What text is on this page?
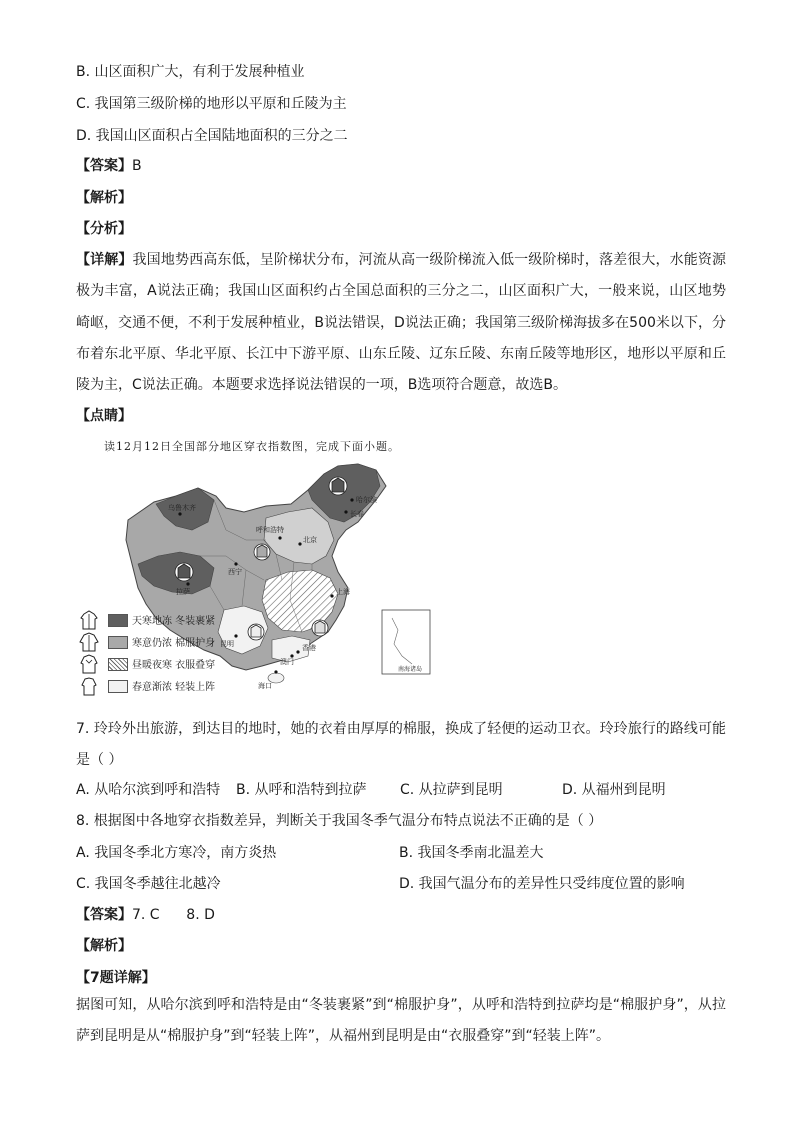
B. 山区面积广大，有利于发展种植业
C. 我国第三级阶梯的地形以平原和丘陵为主
D. 我国山区面积占全国陆地面积的三分之二
【答案】B
【解析】
【分析】
【详解】我国地势西高东低，呈阶梯状分布，河流从高一级阶梯流入低一级阶梯时，落差很大，水能资源极为丰富，A说法正确；我国山区面积约占全国总面积的三分之二，山区面积广大，一般来说，山区地势崎岖，交通不便，不利于发展种植业，B说法错误，D说法正确；我国第三级阶梯海拔多在500米以下，分布着东北平原、华北平原、长江中下游平原、山东丘陵、辽东丘陵、东南丘陵等地形区，地形以平原和丘陵为主，C说法正确。本题要求选择说法错误的一项，B选项符合题意，故选B。
【点睛】
读12月12日全国部分地区穿衣指数图，完成下面小题。
乌鲁木齐
哈尔滨
长春
呼和浩特
北京
西宁
拉萨
昆明
上海
香港
澳门
海口
南海诸岛
天寒地冻 冬装裹紧
寒意仍浓 棉服护身
昼暖夜寒 衣服叠穿
春意渐浓 轻装上阵
7. 玲玲外出旅游，到达目的地时，她的衣着由厚厚的棉服，换成了轻便的运动卫衣。玲玲旅行的路线可能是（ ）
A. 从哈尔滨到呼和浩特 B. 从呼和浩特到拉萨 C. 从拉萨到昆明	D. 从福州到昆明
8. 根据图中各地穿衣指数差异，判断关于我国冬季气温分布特点说法不正确的是（ ）
A. 我国冬季北方寒冷，南方炎热	B. 我国冬季南北温差大
C. 我国冬季越往北越冷	D. 我国气温分布的差异性只受纬度位置的影响
【答案】7. C      8. D
【解析】
【7题详解】
据图可知，从哈尔滨到呼和浩特是由“冬装裹紧”到“棉服护身”，从呼和浩特到拉萨均是“棉服护身”，从拉萨到昆明是从“棉服护身”到“轻装上阵”，从福州到昆明是由“衣服叠穿”到“轻装上阵”。
